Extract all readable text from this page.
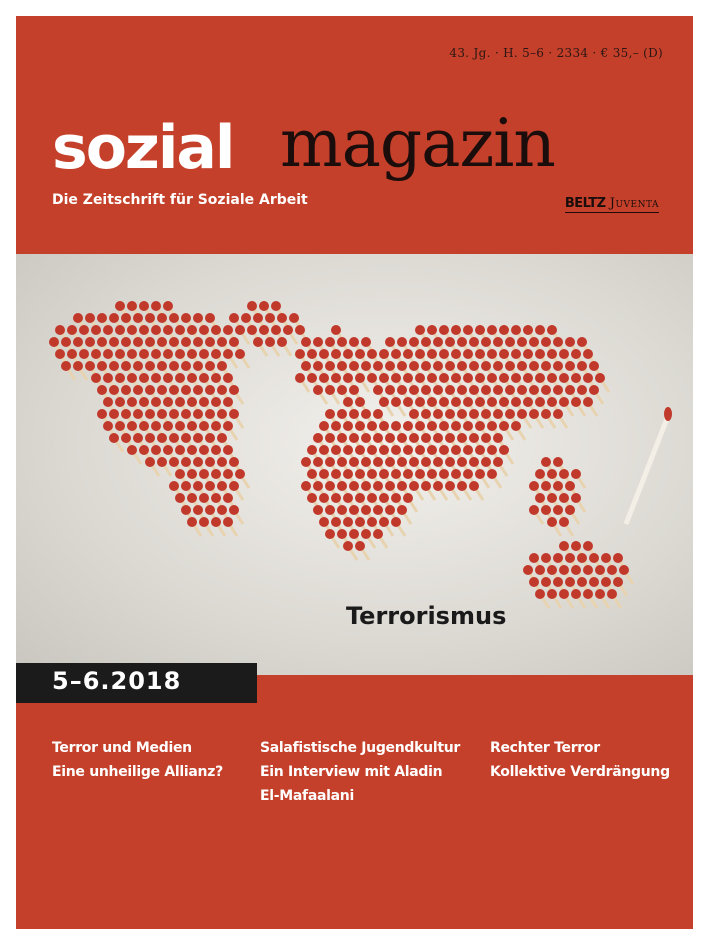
43. Jg. · H. 5–6 · 2334 · € 35,– (D)
sozial magazin
Die Zeitschrift für Soziale Arbeit	BELTZ Juventa
Terrorismus
5–6.2018
Terror und Medien
Eine unheilige Allianz?
Salafistische Jugendkultur
Ein Interview mit Aladin
El-Mafaalani
Rechter Terror
Kollektive Verdrängung
